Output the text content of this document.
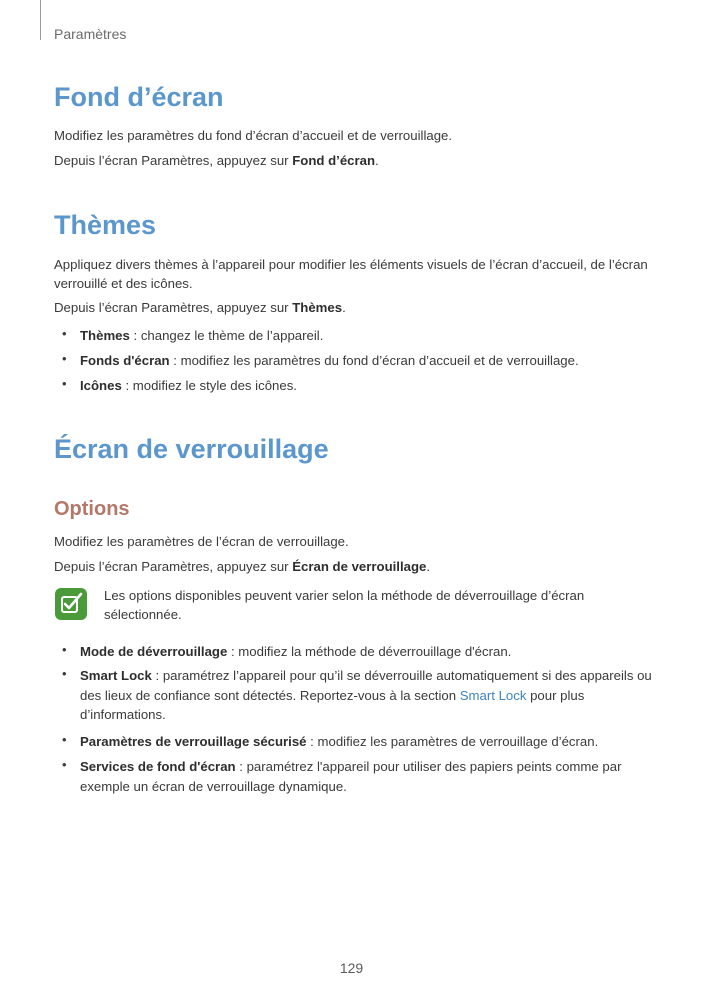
Paramètres
Fond d’écran

Modifiez les paramètres du fond d’écran d’accueil et de verrouillage.

Depuis l’écran Paramètres, appuyez sur Fond d’écran.

Thèmes

Appliquez divers thèmes à l’appareil pour modifier les éléments visuels de l’écran d’accueil, de l’écran verrouillé et des icônes.

Depuis l’écran Paramètres, appuyez sur Thèmes.

• Thèmes : changez le thème de l’appareil.

• Fonds d'écran : modifiez les paramètres du fond d’écran d’accueil et de verrouillage.

• Icônes : modifiez le style des icônes.

Écran de verrouillage
Options

Modifiez les paramètres de l’écran de verrouillage.

Depuis l’écran Paramètres, appuyez sur Écran de verrouillage.

Les options disponibles peuvent varier selon la méthode de déverrouillage d’écran sélectionnée.

• Mode de déverrouillage : modifiez la méthode de déverrouillage d'écran.

• Smart Lock : paramétrez l’appareil pour qu’il se déverrouille automatiquement si des appareils ou des lieux de confiance sont détectés. Reportez-vous à la section Smart Lock pour plus d’informations.

• Paramètres de verrouillage sécurisé : modifiez les paramètres de verrouillage d’écran.

• Services de fond d'écran : paramétrez l'appareil pour utiliser des papiers peints comme par exemple un écran de verrouillage dynamique.

129
